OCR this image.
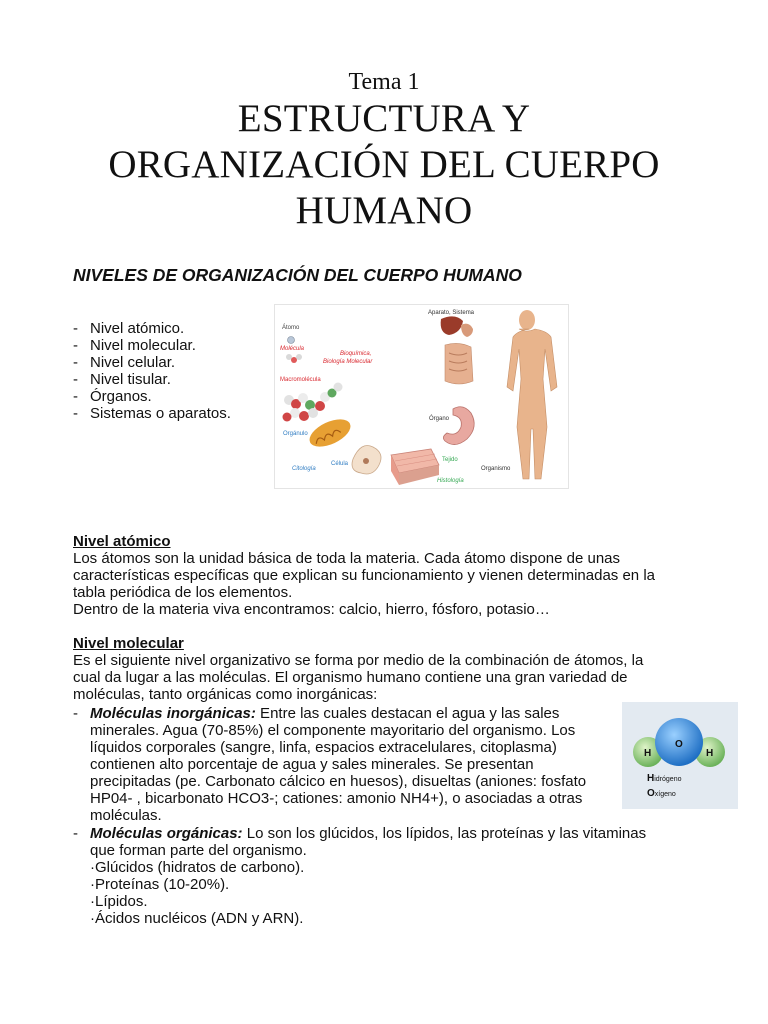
Tema 1
ESTRUCTURA Y
ORGANIZACIÓN DEL CUERPO
HUMANO
NIVELES DE ORGANIZACIÓN DEL CUERPO HUMANO
- Nivel atómico.
- Nivel molecular.
- Nivel celular.
- Nivel tisular.
- Órganos.
- Sistemas o aparatos.
Átomo
Molécula
Bioquímica,
Biología Molecular
Macromolécula
Orgánulo
Citología
Célula
Tejido
Histología
Órgano
Aparato, Sistema
Organismo

Nivel atómico

Los átomos son la unidad básica de toda la materia. Cada átomo dispone de unas

características específicas que explican su funcionamiento y vienen determinadas en la

tabla periódica de los elementos.

Dentro de la materia viva encontramos: calcio, hierro, fósforo, potasio…

Nivel molecular

Es el siguiente nivel organizativo se forma por medio de la combinación de átomos, la

cual da lugar a las moléculas. El organismo humano contiene una gran variedad de

moléculas, tanto orgánicas como inorgánicas:

- Moléculas inorgánicas: Entre las cuales destacan el agua y las sales

minerales. Agua (70-85%) el componente mayoritario del organismo. Los

líquidos corporales (sangre, linfa, espacios extracelulares, citoplasma)

contienen alto porcentaje de agua y sales minerales. Se presentan

precipitadas (pe. Carbonato cálcico en huesos), disueltas (aniones: fosfato

HP04- , bicarbonato HCO3-; cationes: amonio NH4+), o asociadas a otras

moléculas.

- Moléculas orgánicas: Lo son los glúcidos, los lípidos, las proteínas y las vitaminas

que forman parte del organismo.

·Glúcidos (hidratos de carbono).

·Proteínas (10-20%).

·Lípidos.

·Ácidos nucléicos (ADN y ARN).

H
O
H
Hidrógeno
Oxígeno
